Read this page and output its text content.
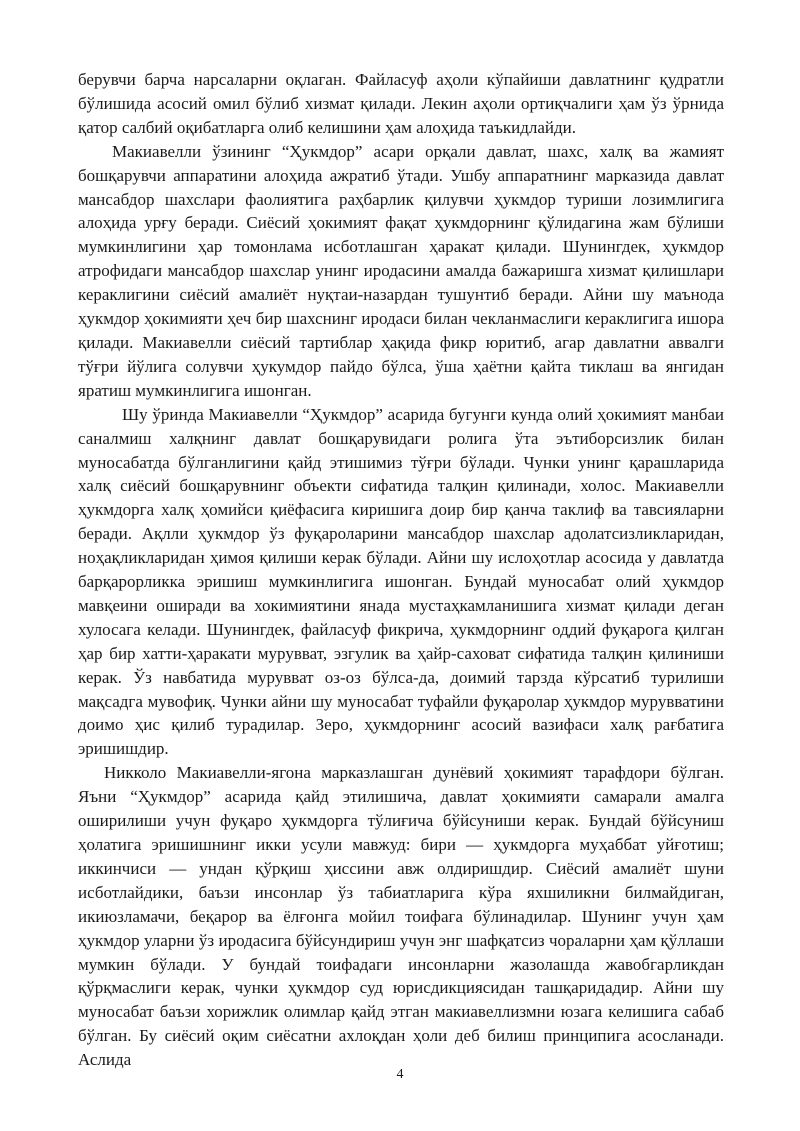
берувчи барча нарсаларни оқлаган. Файласуф аҳоли кўпайиши давлатнинг қудратли бўлишида асосий омил бўлиб хизмат қилади. Лекин аҳоли ортиқчалиги ҳам ўз ўрнида қатор салбий оқибатларга олиб келишини ҳам алоҳида таъкидлайди.

Макиавелли ўзининг “Ҳукмдор” асари орқали давлат, шахс, халқ ва жамият бошқарувчи аппаратини алоҳида ажратиб ўтади. Ушбу аппаратнинг марказида давлат мансабдор шахслари фаолиятига раҳбарлик қилувчи ҳукмдор туриши лозимлигига алоҳида урғу беради. Сиёсий ҳокимият фақат ҳукмдорнинг қўлидагина жам бўлиши мумкинлигини ҳар томонлама исботлашган ҳаракат қилади. Шунингдек, ҳукмдор атрофидаги мансабдор шахслар унинг иродасини амалда бажаришга хизмат қилишлари кераклигини сиёсий амалиёт нуқтаи-назардан тушунтиб беради. Айни шу маънода ҳукмдор ҳокимияти ҳеч бир шахснинг иродаси билан чекланмаслиги кераклигига ишора қилади. Макиавелли сиёсий тартиблар ҳақида фикр юритиб, агар давлатни аввалги тўғри йўлига солувчи ҳукумдор пайдо бўлса, ўша ҳаётни қайта тиклаш ва янгидан яратиш мумкинлигига ишонган.

Шу ўринда Макиавелли “Ҳукмдор” асарида бугунги кунда олий ҳокимият манбаи саналмиш халқнинг давлат бошқарувидаги ролига ўта эътиборсизлик билан муносабатда бўлганлигини қайд этишимиз тўғри бўлади. Чунки унинг қарашларида халқ сиёсий бошқарувнинг объекти сифатида талқин қилинади, холос. Макиавелли ҳукмдорга халқ ҳомийси қиёфасига киришига доир бир қанча таклиф ва тавсияларни беради. Ақлли ҳукмдор ўз фуқароларини мансабдор шахслар адолатсизликларидан, ноҳақликларидан ҳимоя қилиши керак бўлади. Айни шу ислоҳотлар асосида у давлатда барқарорликка эришиш мумкинлигига ишонган. Бундай муносабат олий ҳукмдор мавқеини оширади ва хокимиятини янада мустаҳкамланишига хизмат қилади деган хулосага келади. Шунингдек, файласуф фикрича, ҳукмдорнинг оддий фуқарога қилган ҳар бир хатти-ҳаракати мурувват, эзгулик ва ҳайр-саховат сифатида талқин қилиниши керак. Ўз навбатида мурувват оз-оз бўлса-да, доимий тарзда кўрсатиб турилиши мақсадга мувофиқ. Чунки айни шу муносабат туфайли фуқаролар ҳукмдор мурувватини доимо ҳис қилиб турадилар. Зеро, ҳукмдорнинг асосий вазифаси халқ рағбатига эришишдир.

Никколо Макиавелли-ягона марказлашган дунёвий ҳокимият тарафдори бўлган. Яъни “Ҳукмдор” асарида қайд этилишича, давлат ҳокимияти самарали амалга оширилиши учун фуқаро ҳукмдорга тўлиғича бўйсуниши керак. Бундай бўйсуниш ҳолатига эришишнинг икки усули мавжуд: бири — ҳукмдорга муҳаббат уйғотиш; иккинчиси — ундан қўрқиш ҳиссини авж олдиришдир. Сиёсий амалиёт шуни исботлайдики, баъзи инсонлар ўз табиатларига кўра яхшиликни билмайдиган, икиюзламачи, беқарор ва ёлғонга мойил тоифага бўлинадилар. Шунинг учун ҳам ҳукмдор уларни ўз иродасига бўйсундириш учун энг шафқатсиз чораларни ҳам қўллаши мумкин бўлади. У бундай тоифадаги инсонларни жазолашда жавобгарликдан қўрқмаслиги керак, чунки ҳукмдор суд юрисдикциясидан ташқаридадир. Айни шу муносабат баъзи хорижлик олимлар қайд этган макиавеллизмни юзага келишига сабаб бўлган. Бу сиёсий оқим сиёсатни ахлоқдан ҳоли деб билиш принципига асосланади. Аслида

4
